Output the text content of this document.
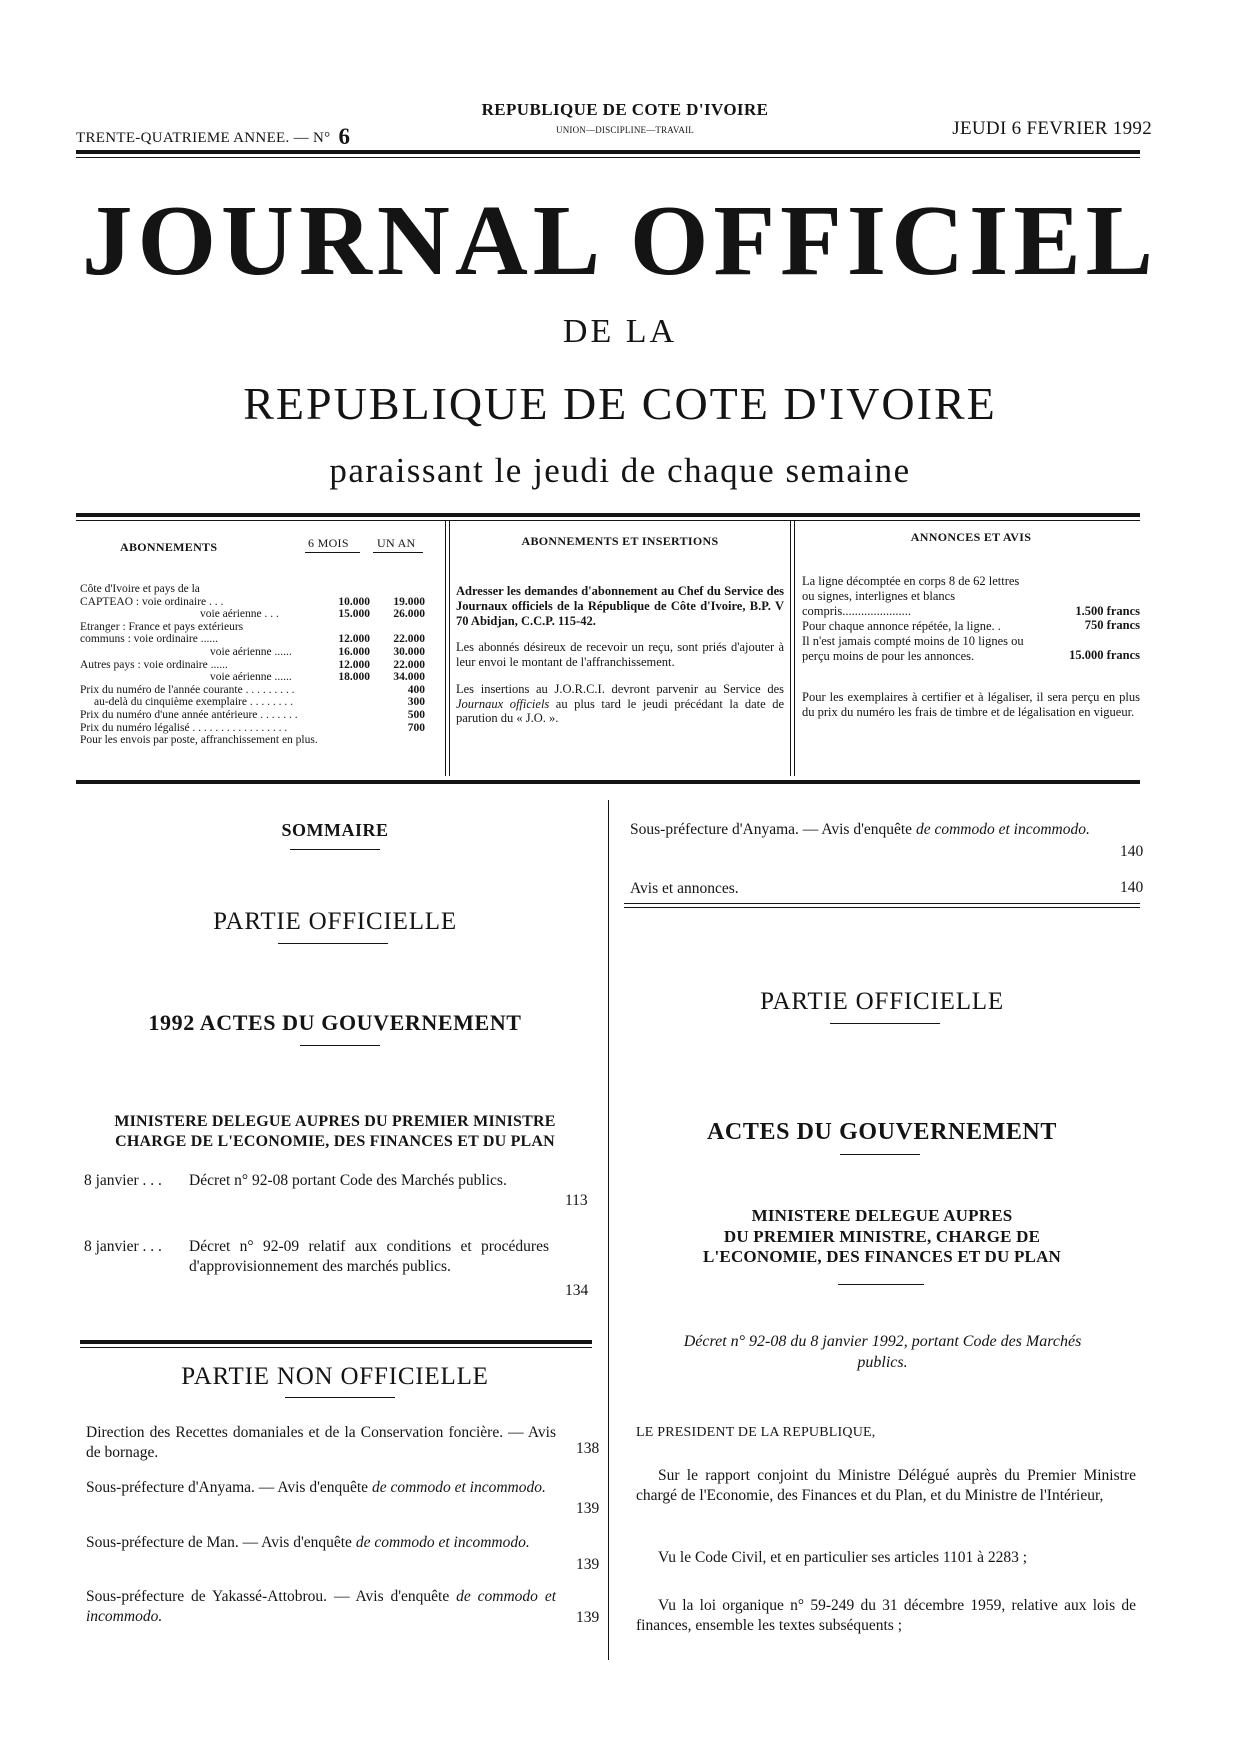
TRENTE-QUATRIEME ANNEE. — N° 6
REPUBLIQUE DE COTE D'IVOIRE
UNION—DISCIPLINE—TRAVAIL	JEUDI 6 FEVRIER 1992
JOURNAL OFFICIEL
DE LA
REPUBLIQUE DE COTE D'IVOIRE
paraissant le jeudi de chaque semaine
ABONNEMENTS	6 MOIS UN AN
Côte d'Ivoire et pays de la
CAPTEAO : voie ordinaire . . .	10.000	19.000
voie aérienne . . .	15.000	26.000
Etranger : France et pays extérieurs
communs : voie ordinaire ......	12.000	22.000
voie aérienne ......	16.000	30.000
Autres pays : voie ordinaire ......	12.000	22.000
voie aérienne ......	18.000	34.000
Prix du numéro de l'année courante . . . . . . . . .	400
au-delà du cinquième exemplaire . . . . . . . .	300
Prix du numéro d'une année antérieure . . . . . . .	500
Prix du numéro légalisé . . . . . . . . . . . . . . . . .	700
Pour les envois par poste, affranchissement en plus.
ABONNEMENTS ET INSERTIONS

Adresser les demandes d'abonnement au Chef du Service des Journaux officiels de la République de Côte d'Ivoire, B.P. V 70 Abidjan, C.C.P. 115-42.

Les abonnés désireux de recevoir un reçu, sont priés d'ajouter à leur envoi le montant de l'affranchissement.

Les insertions au J.O.R.C.I. devront parvenir au Service des Journaux officiels au plus tard le jeudi précédant la date de parution du « J.O. ».

ANNONCES ET AVIS
La ligne décomptée en corps 8 de 62 lettres ou signes, interlignes et blancs compris......................	1.500 francs
Pour chaque annonce répétée, la ligne. .	750 francs
Il n'est jamais compté moins de 10 lignes ou perçu moins de pour les annonces.	15.000 francs

Pour les exemplaires à certifier et à légaliser, il sera perçu en plus du prix du numéro les frais de timbre et de légalisation en vigueur.

SOMMAIRE
PARTIE OFFICIELLE
1992 ACTES DU GOUVERNEMENT
MINISTERE DELEGUE AUPRES DU PREMIER MINISTRE
CHARGE DE L'ECONOMIE, DES FINANCES ET DU PLAN
8 janvier . . . Décret n° 92-08 portant Code des Marchés publics.
113
8 janvier . . . Décret n° 92-09 relatif aux conditions et procédures d'approvisionnement des marchés publics.
134
PARTIE NON OFFICIELLE
Direction des Recettes domaniales et de la Conservation foncière. — Avis de bornage.	138
Sous-préfecture d'Anyama. — Avis d'enquête de commodo et incommodo.
139
Sous-préfecture de Man. — Avis d'enquête de commodo et incommodo.
139
Sous-préfecture de Yakassé-Attobrou. — Avis d'enquête de commodo et incommodo.	139
Sous-préfecture d'Anyama. — Avis d'enquête de commodo et incommodo.
140
Avis et annonces.	140
PARTIE OFFICIELLE
ACTES DU GOUVERNEMENT
MINISTERE DELEGUE AUPRES
DU PREMIER MINISTRE, CHARGE DE
L'ECONOMIE, DES FINANCES ET DU PLAN
Décret n° 92-08 du 8 janvier 1992, portant Code des Marchés
publics.
LE PRESIDENT DE LA REPUBLIQUE,
Sur le rapport conjoint du Ministre Délégué auprès du Premier Ministre chargé de l'Economie, des Finances et du Plan, et du Ministre de l'Intérieur,
Vu le Code Civil, et en particulier ses articles 1101 à 2283 ;
Vu la loi organique n° 59-249 du 31 décembre 1959, relative aux lois de finances, ensemble les textes subséquents ;
